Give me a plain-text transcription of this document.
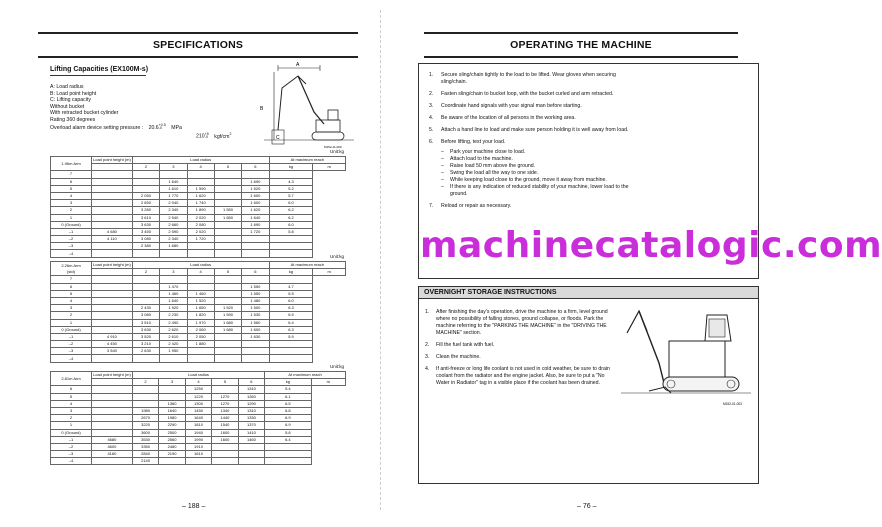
SPECIFICATIONS
Lifting Capacities (EX100M-s)
A: Load radius
B: Load point height
C: Lifting capacity
Without bucket
With retracted bucket cylinder
Rating 360 degrees
Overload alarm device setting pressure : 20.6 +0.5
-0	MPa
210 +5
-0 kgf/$cm^2$
A
B
C
M152-11-000
Unit:kg
1.96m Arm	Load point height (m)	Load radius					At maximum reach	
		2	3	4	5	6	kg	m
7								
6			1 640			1 690	4.3	
5			1 610	1 590		1 520	5.2	
4		2 050	1 770	1 620		1 600	5.7	
3		2 650	2 040	1 740		1 600	6.0	
2		3 280	2 340	1 890	1 550	1 620	6.2	
1		3 610	2 540	2 020	1 650	1 640	6.2	
0 (Ground)		3 630	2 660	2 080		1 690	6.0	
–1	4 680	3 450	2 590	2 020		1 720	5.8	
–2	4 110	3 080	2 340	1 720				
–3		2 380	1 680					
–4								
Unit:kg
2.26m Arm
(std)	Load point height (m)	Load radius					At maximum reach	
		2	3	4	5	6	kg	m
7								
6			1 470			1 550	4.7	
5			1 460	1 460		1 550	5.5	
4			1 640	1 520		1 480	6.0	
3		2 430	1 920	1 650	1 520	1 500	6.3	
2		3 080	2 230	1 820	1 590	1 530	6.5	
1		3 510	2 490	1 970	1 680	1 560	6.4	
0 (Ground)		3 630	2 620	2 060	1 680	1 600	6.3	
–1	4 910	3 520	2 610	2 050		1 630	5.9	
–2	4 450	3 210	2 420	1 880				
–3	3 540	2 630	1 950					
–4								
Unit:kg
2.81m Arm	Load point height (m)	Load radius					At maximum reach	
		2	3	4	5	6	kg	m
6				1250		1310	5.4	
5				1220	1270	1260	6.1	
4			1360	1300	1270	1290	6.5	
3		1980	1640	1450	1340	1310	6.8	
2		2670	1980	1640	1440	1330	6.9	
1		3220	2290	1810	1540	1370	6.9	
0 (Ground)		3600	2500	1940	1600	1410	5.8	
–1	4680	3530	2560	1990	1600	1460	6.4	
–2	4600	3350	2480	1910				
–3	4160	2840	2190	1610				
–4		2140						
– 188 –
OPERATING THE MACHINE
1.	Secure sling/chain tightly to the load to be lifted. Wear gloves when securing sling/chain.
2.	Fasten sling/chain to bucket loop, with the bucket curled and arm retracted.
3.	Coordinate hand signals with your signal man before starting.
4.	Be aware of the location of all persons in the working area.
5.	Attach a hand line to load and make sure person holding it is well away from load.
6.	Before lifting, test your load.
–	Park your machine close to load.
–	Attach load to the machine.
–	Raise load 50 mm above the ground.
–	Swing the load all the way to one side.
–	While keeping load close to the ground, move it away from machine.
–	If there is any indication of reduced stability of your machine, lower load to the ground.
7.	Reload or repair as necessary.
OVERNIGHT STORAGE INSTRUCTIONS
1.	After finishing the day's operation, drive the machine to a firm, level ground where no possibility of falling stones, ground collapse, or floods. Park the machine referring to the "PARKING THE MACHINE" in the "DRIVING THE MACHINE" section.
2.	Fill the fuel tank with fuel.
3.	Clean the machine.
4.	If anti-freeze or long life coolant is not used in cold weather, be sure to drain coolant from the radiator and the engine jacket. Also, be sure to put a "No Water in Radiator" tag in a visible place if the coolant has been drained.
M152-01-003
– 76 –
machinecatalogic.com
